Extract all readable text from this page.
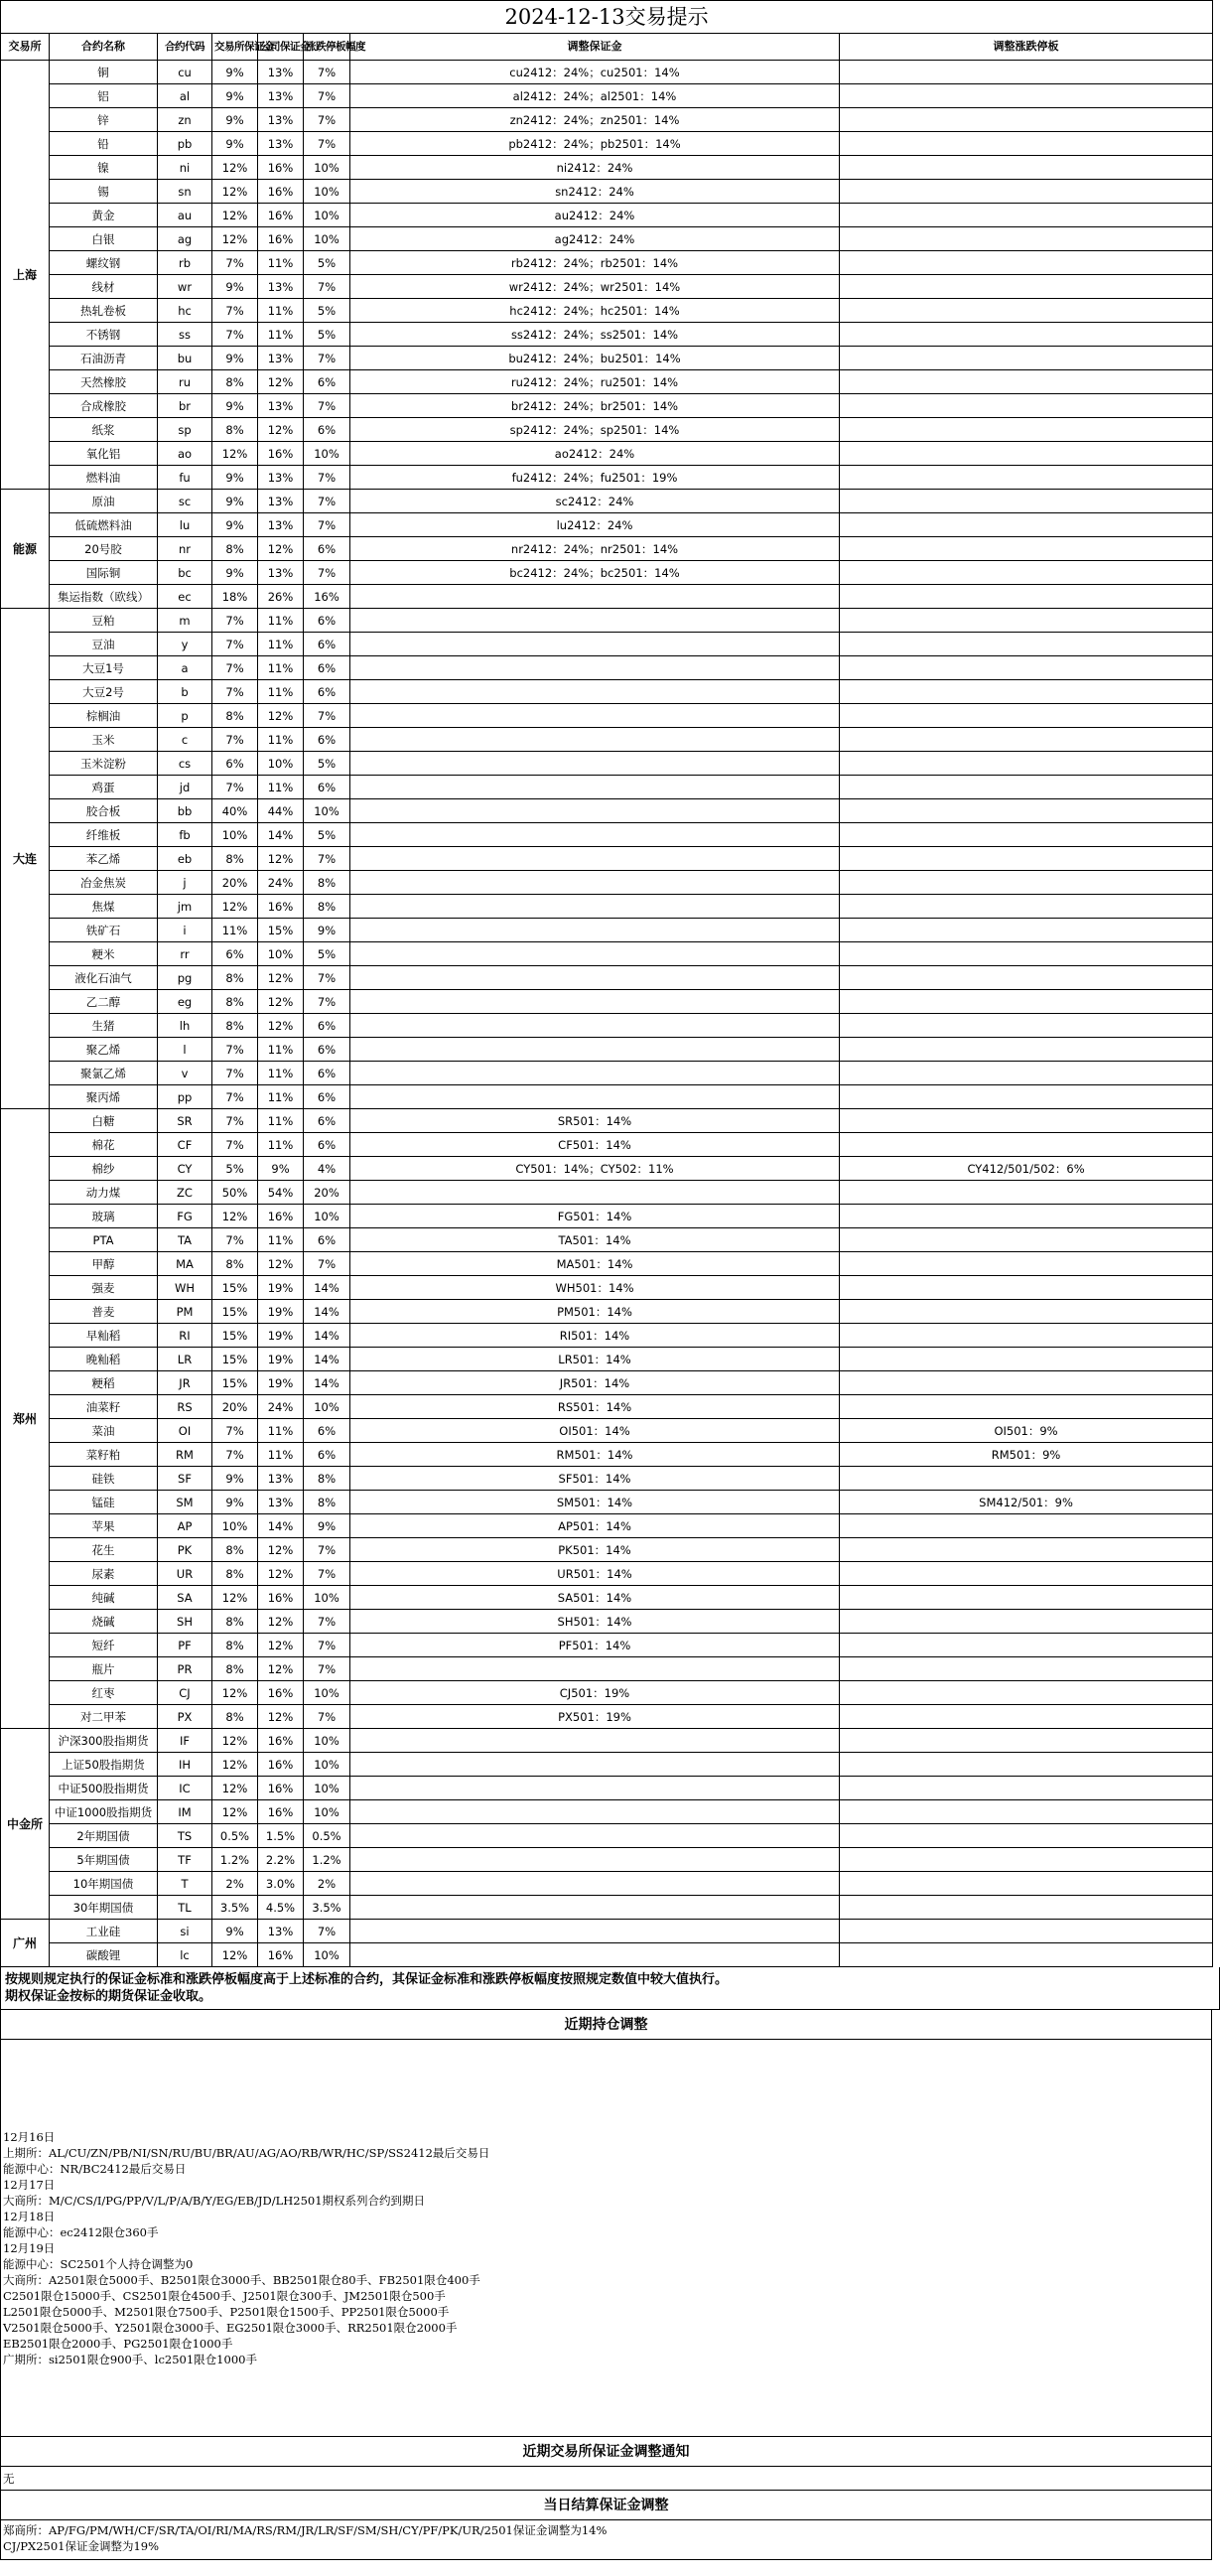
2024-12-13交易提示							
交易所	合约名称	合约代码	交易所保证金	公司保证金	涨跌停板幅度	调整保证金	调整涨跌停板
上海	铜	cu	9%	13%	7%	cu2412：24%；cu2501：14%	
	铝	al	9%	13%	7%	al2412：24%；al2501：14%	
	锌	zn	9%	13%	7%	zn2412：24%；zn2501：14%	
	铅	pb	9%	13%	7%	pb2412：24%；pb2501：14%	
	镍	ni	12%	16%	10%	ni2412：24%	
	锡	sn	12%	16%	10%	sn2412：24%	
	黄金	au	12%	16%	10%	au2412：24%	
	白银	ag	12%	16%	10%	ag2412：24%	
	螺纹钢	rb	7%	11%	5%	rb2412：24%；rb2501：14%	
	线材	wr	9%	13%	7%	wr2412：24%；wr2501：14%	
	热轧卷板	hc	7%	11%	5%	hc2412：24%；hc2501：14%	
	不锈钢	ss	7%	11%	5%	ss2412：24%；ss2501：14%	
	石油沥青	bu	9%	13%	7%	bu2412：24%；bu2501：14%	
	天然橡胶	ru	8%	12%	6%	ru2412：24%；ru2501：14%	
	合成橡胶	br	9%	13%	7%	br2412：24%；br2501：14%	
	纸浆	sp	8%	12%	6%	sp2412：24%；sp2501：14%	
	氧化铝	ao	12%	16%	10%	ao2412：24%	
	燃料油	fu	9%	13%	7%	fu2412：24%；fu2501：19%	
能源	原油	sc	9%	13%	7%	sc2412：24%	
	低硫燃料油	lu	9%	13%	7%	lu2412：24%	
	20号胶	nr	8%	12%	6%	nr2412：24%；nr2501：14%	
	国际铜	bc	9%	13%	7%	bc2412：24%；bc2501：14%	
	集运指数（欧线）	ec	18%	26%	16%		
大连	豆粕	m	7%	11%	6%		
	豆油	y	7%	11%	6%		
	大豆1号	a	7%	11%	6%		
	大豆2号	b	7%	11%	6%		
	棕榈油	p	8%	12%	7%		
	玉米	c	7%	11%	6%		
	玉米淀粉	cs	6%	10%	5%		
	鸡蛋	jd	7%	11%	6%		
	胶合板	bb	40%	44%	10%		
	纤维板	fb	10%	14%	5%		
	苯乙烯	eb	8%	12%	7%		
	冶金焦炭	j	20%	24%	8%		
	焦煤	jm	12%	16%	8%		
	铁矿石	i	11%	15%	9%		
	粳米	rr	6%	10%	5%		
	液化石油气	pg	8%	12%	7%		
	乙二醇	eg	8%	12%	7%		
	生猪	lh	8%	12%	6%		
	聚乙烯	l	7%	11%	6%		
	聚氯乙烯	v	7%	11%	6%		
	聚丙烯	pp	7%	11%	6%		
郑州	白糖	SR	7%	11%	6%	SR501：14%	
	棉花	CF	7%	11%	6%	CF501：14%	
	棉纱	CY	5%	9%	4%	CY501：14%；CY502：11%	CY412/501/502：6%
	动力煤	ZC	50%	54%	20%		
	玻璃	FG	12%	16%	10%	FG501：14%	
	PTA	TA	7%	11%	6%	TA501：14%	
	甲醇	MA	8%	12%	7%	MA501：14%	
	强麦	WH	15%	19%	14%	WH501：14%	
	普麦	PM	15%	19%	14%	PM501：14%	
	早籼稻	RI	15%	19%	14%	RI501：14%	
	晚籼稻	LR	15%	19%	14%	LR501：14%	
	粳稻	JR	15%	19%	14%	JR501：14%	
	油菜籽	RS	20%	24%	10%	RS501：14%	
	菜油	OI	7%	11%	6%	OI501：14%	OI501：9%
	菜籽粕	RM	7%	11%	6%	RM501：14%	RM501：9%
	硅铁	SF	9%	13%	8%	SF501：14%	
	锰硅	SM	9%	13%	8%	SM501：14%	SM412/501：9%
	苹果	AP	10%	14%	9%	AP501：14%	
	花生	PK	8%	12%	7%	PK501：14%	
	尿素	UR	8%	12%	7%	UR501：14%	
	纯碱	SA	12%	16%	10%	SA501：14%	
	烧碱	SH	8%	12%	7%	SH501：14%	
	短纤	PF	8%	12%	7%	PF501：14%	
	瓶片	PR	8%	12%	7%		
	红枣	CJ	12%	16%	10%	CJ501：19%	
	对二甲苯	PX	8%	12%	7%	PX501：19%	
中金所	沪深300股指期货	IF	12%	16%	10%		
	上证50股指期货	IH	12%	16%	10%		
	中证500股指期货	IC	12%	16%	10%		
	中证1000股指期货	IM	12%	16%	10%		
	2年期国债	TS	0.5%	1.5%	0.5%		
	5年期国债	TF	1.2%	2.2%	1.2%		
	10年期国债	T	2%	3.0%	2%		
	30年期国债	TL	3.5%	4.5%	3.5%		
广州	工业硅	si	9%	13%	7%		
	碳酸锂	lc	12%	16%	10%		
按规则规定执行的保证金标准和涨跌停板幅度高于上述标准的合约，其保证金标准和涨跌停板幅度按照规定数值中较大值执行。
期权保证金按标的期货保证金收取。
近期持仓调整
12月16日
上期所：AL/CU/ZN/PB/NI/SN/RU/BU/BR/AU/AG/AO/RB/WR/HC/SP/SS2412最后交易日
能源中心：NR/BC2412最后交易日
12月17日
大商所：M/C/CS/I/PG/PP/V/L/P/A/B/Y/EG/EB/JD/LH2501期权系列合约到期日
12月18日
能源中心：ec2412限仓360手
12月19日
能源中心：SC2501个人持仓调整为0
大商所：A2501限仓5000手、B2501限仓3000手、BB2501限仓80手、FB2501限仓400手
C2501限仓15000手、CS2501限仓4500手、J2501限仓300手、JM2501限仓500手
L2501限仓5000手、M2501限仓7500手、P2501限仓1500手、PP2501限仓5000手
V2501限仓5000手、Y2501限仓3000手、EG2501限仓3000手、RR2501限仓2000手
EB2501限仓2000手、PG2501限仓1000手
广期所：si2501限仓900手、lc2501限仓1000手
近期交易所保证金调整通知
无
当日结算保证金调整
郑商所：AP/FG/PM/WH/CF/SR/TA/OI/RI/MA/RS/RM/JR/LR/SF/SM/SH/CY/PF/PK/UR/2501保证金调整为14%
CJ/PX2501保证金调整为19%
